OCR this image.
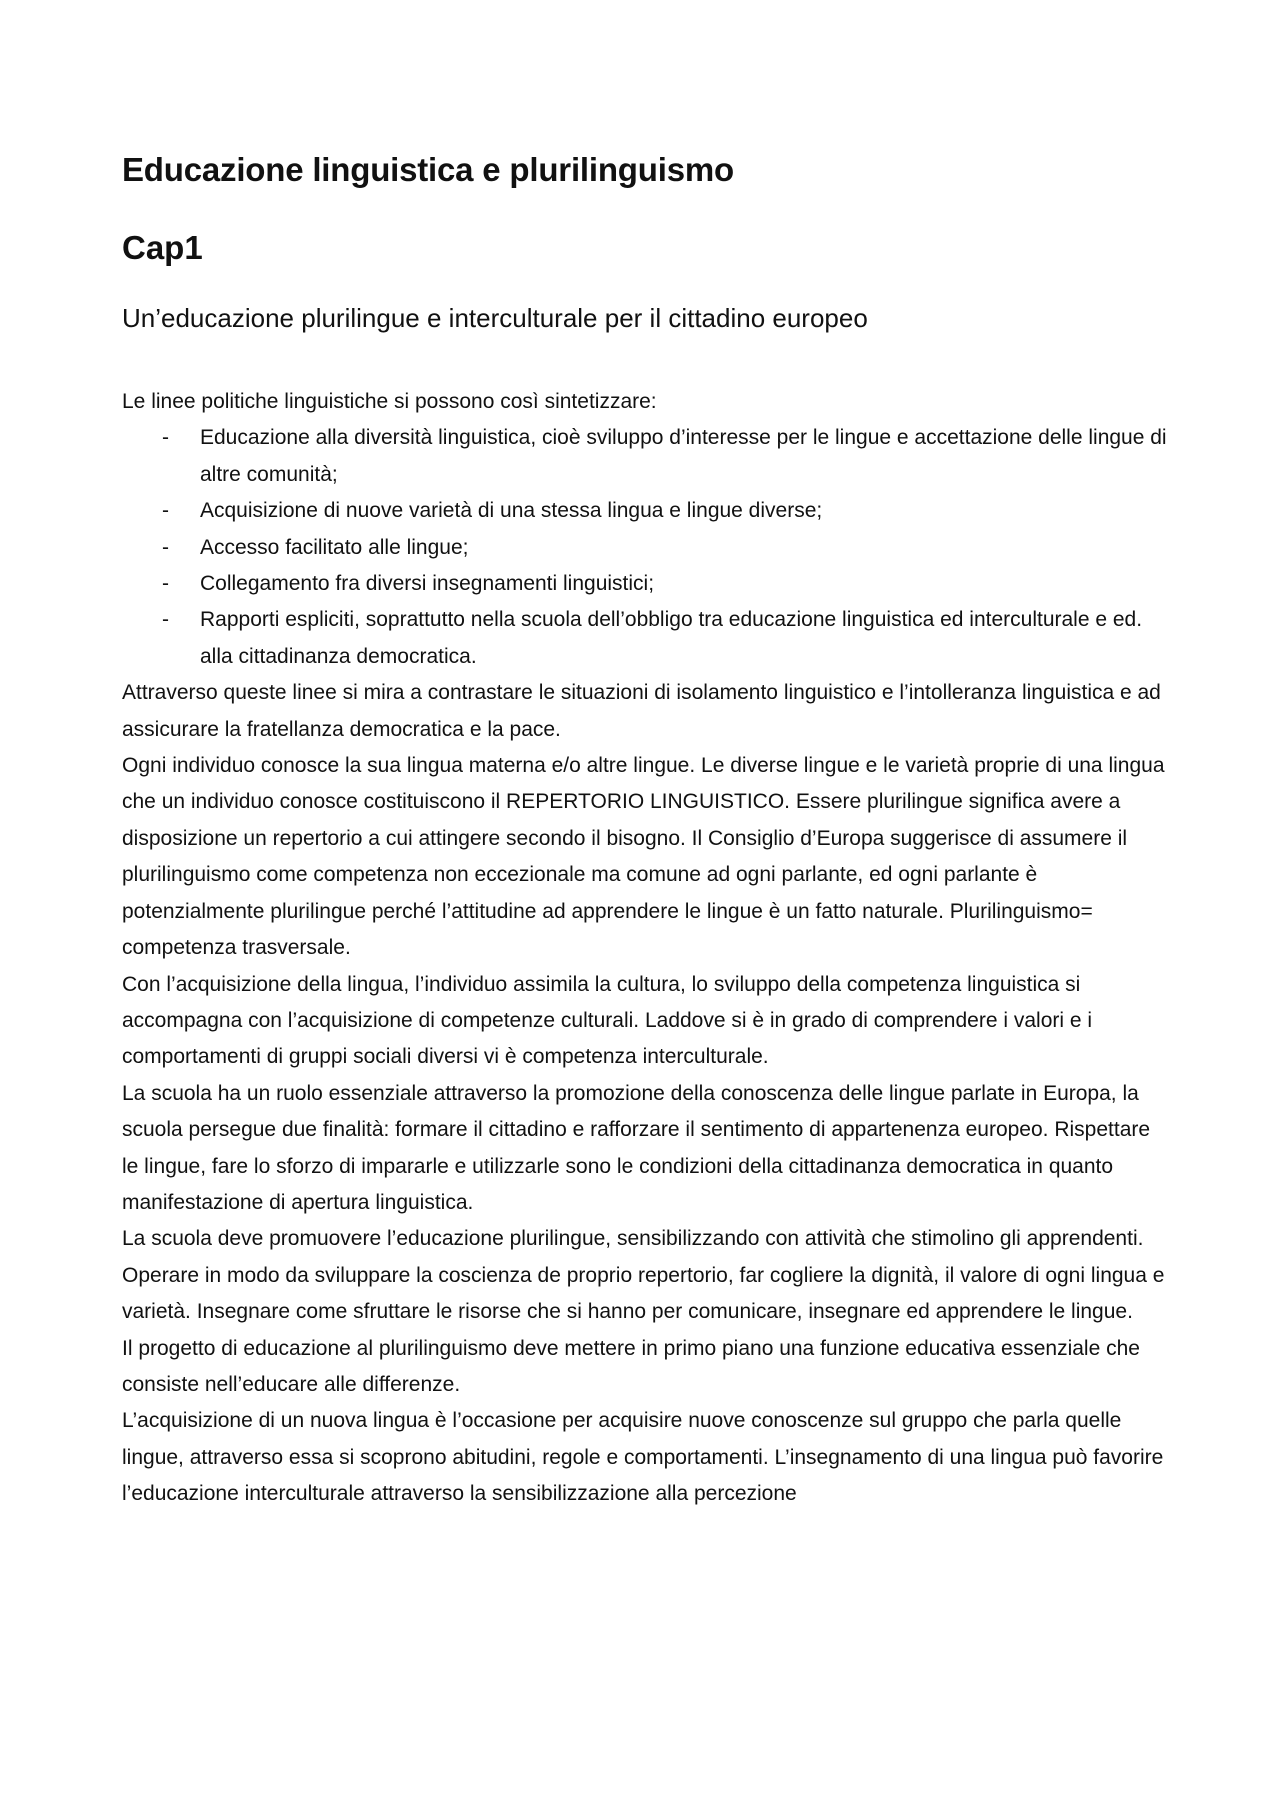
Educazione linguistica e plurilinguismo
Cap1
Un’educazione plurilingue e interculturale per il cittadino europeo
Le linee politiche linguistiche si possono così sintetizzare:
- Educazione alla diversità linguistica, cioè sviluppo d’interesse per le lingue e accettazione delle lingue di altre comunità;
- Acquisizione di nuove varietà di una stessa lingua e lingue diverse;
- Accesso facilitato alle lingue;
- Collegamento fra diversi insegnamenti linguistici;
- Rapporti espliciti, soprattutto nella scuola dell’obbligo tra educazione linguistica ed interculturale e ed. alla cittadinanza democratica.

Attraverso queste linee si mira a contrastare le situazioni di isolamento linguistico e l’intolleranza linguistica e ad assicurare la fratellanza democratica e la pace.

Ogni individuo conosce la sua lingua materna e/o altre lingue. Le diverse lingue e le varietà proprie di una lingua che un individuo conosce costituiscono il REPERTORIO LINGUISTICO. Essere plurilingue significa avere a disposizione un repertorio a cui attingere secondo il bisogno. Il Consiglio d’Europa suggerisce di assumere il plurilinguismo come competenza non eccezionale ma comune ad ogni parlante, ed ogni parlante è potenzialmente plurilingue perché l’attitudine ad apprendere le lingue è un fatto naturale. Plurilinguismo= competenza trasversale.

Con l’acquisizione della lingua, l’individuo assimila la cultura, lo sviluppo della competenza linguistica si accompagna con l’acquisizione di competenze culturali. Laddove si è in grado di comprendere i valori e i comportamenti di gruppi sociali diversi vi è competenza interculturale.

La scuola ha un ruolo essenziale attraverso la promozione della conoscenza delle lingue parlate in Europa, la scuola persegue due finalità: formare il cittadino e rafforzare il sentimento di appartenenza europeo. Rispettare le lingue, fare lo sforzo di impararle e utilizzarle sono le condizioni della cittadinanza democratica in quanto manifestazione di apertura linguistica.

La scuola deve promuovere l’educazione plurilingue, sensibilizzando con attività che stimolino gli apprendenti. Operare in modo da sviluppare la coscienza de proprio repertorio, far cogliere la dignità, il valore di ogni lingua e varietà. Insegnare come sfruttare le risorse che si hanno per comunicare, insegnare ed apprendere le lingue.

Il progetto di educazione al plurilinguismo deve mettere in primo piano una funzione educativa essenziale che consiste nell’educare alle differenze.

L’acquisizione di un nuova lingua è l’occasione per acquisire nuove conoscenze sul gruppo che parla quelle lingue, attraverso essa si scoprono abitudini, regole e comportamenti. L’insegnamento di una lingua può favorire l’educazione interculturale attraverso la sensibilizzazione alla percezione
